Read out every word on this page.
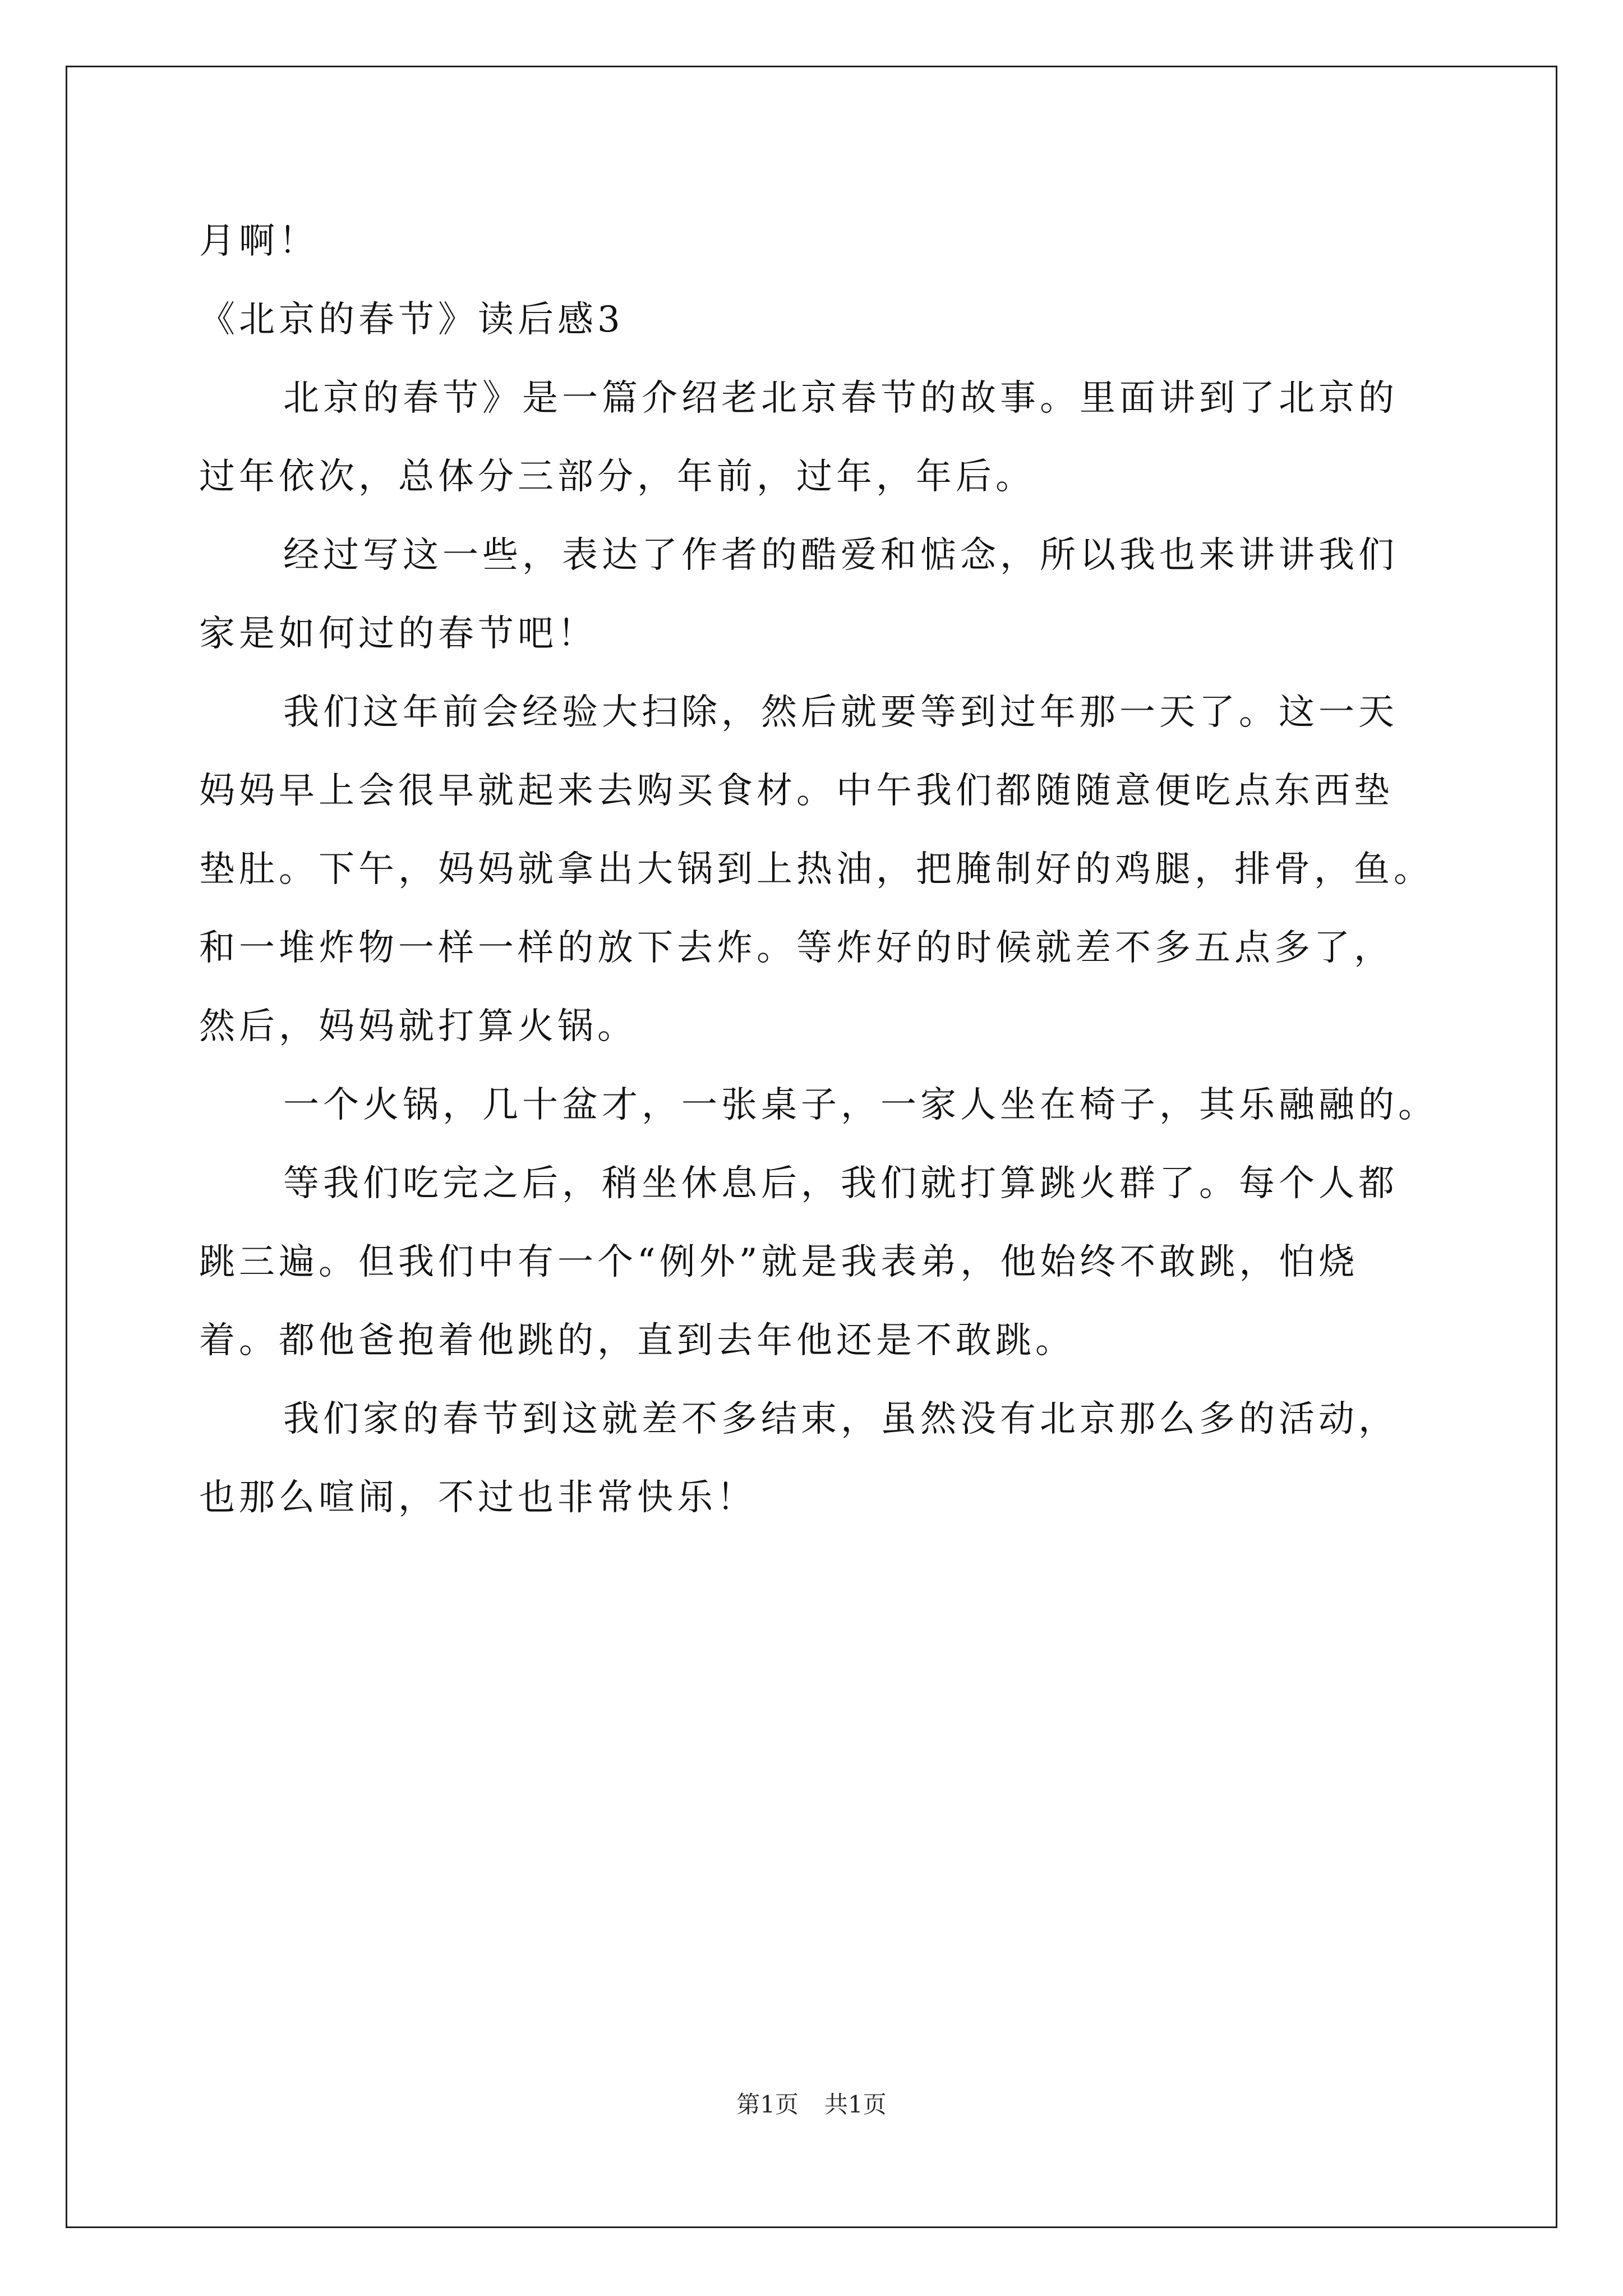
月啊！
《北京的春节》读后感3
北京的春节》是一篇介绍老北京春节的故事。里面讲到了北京的
过年依次，总体分三部分，年前，过年，年后。
经过写这一些，表达了作者的酷爱和惦念，所以我也来讲讲我们
家是如何过的春节吧！
我们这年前会经验大扫除，然后就要等到过年那一天了。这一天
妈妈早上会很早就起来去购买食材。中午我们都随随意便吃点东西垫
垫肚。下午，妈妈就拿出大锅到上热油，把腌制好的鸡腿，排骨，鱼。
和一堆炸物一样一样的放下去炸。等炸好的时候就差不多五点多了，
然后，妈妈就打算火锅。
一个火锅，几十盆才，一张桌子，一家人坐在椅子，其乐融融的。
等我们吃完之后，稍坐休息后，我们就打算跳火群了。每个人都
跳三遍。但我们中有一个“例外”就是我表弟，他始终不敢跳，怕烧
着。都他爸抱着他跳的，直到去年他还是不敢跳。
我们家的春节到这就差不多结束，虽然没有北京那么多的活动，
也那么喧闹，不过也非常快乐！
第1页 共1页
